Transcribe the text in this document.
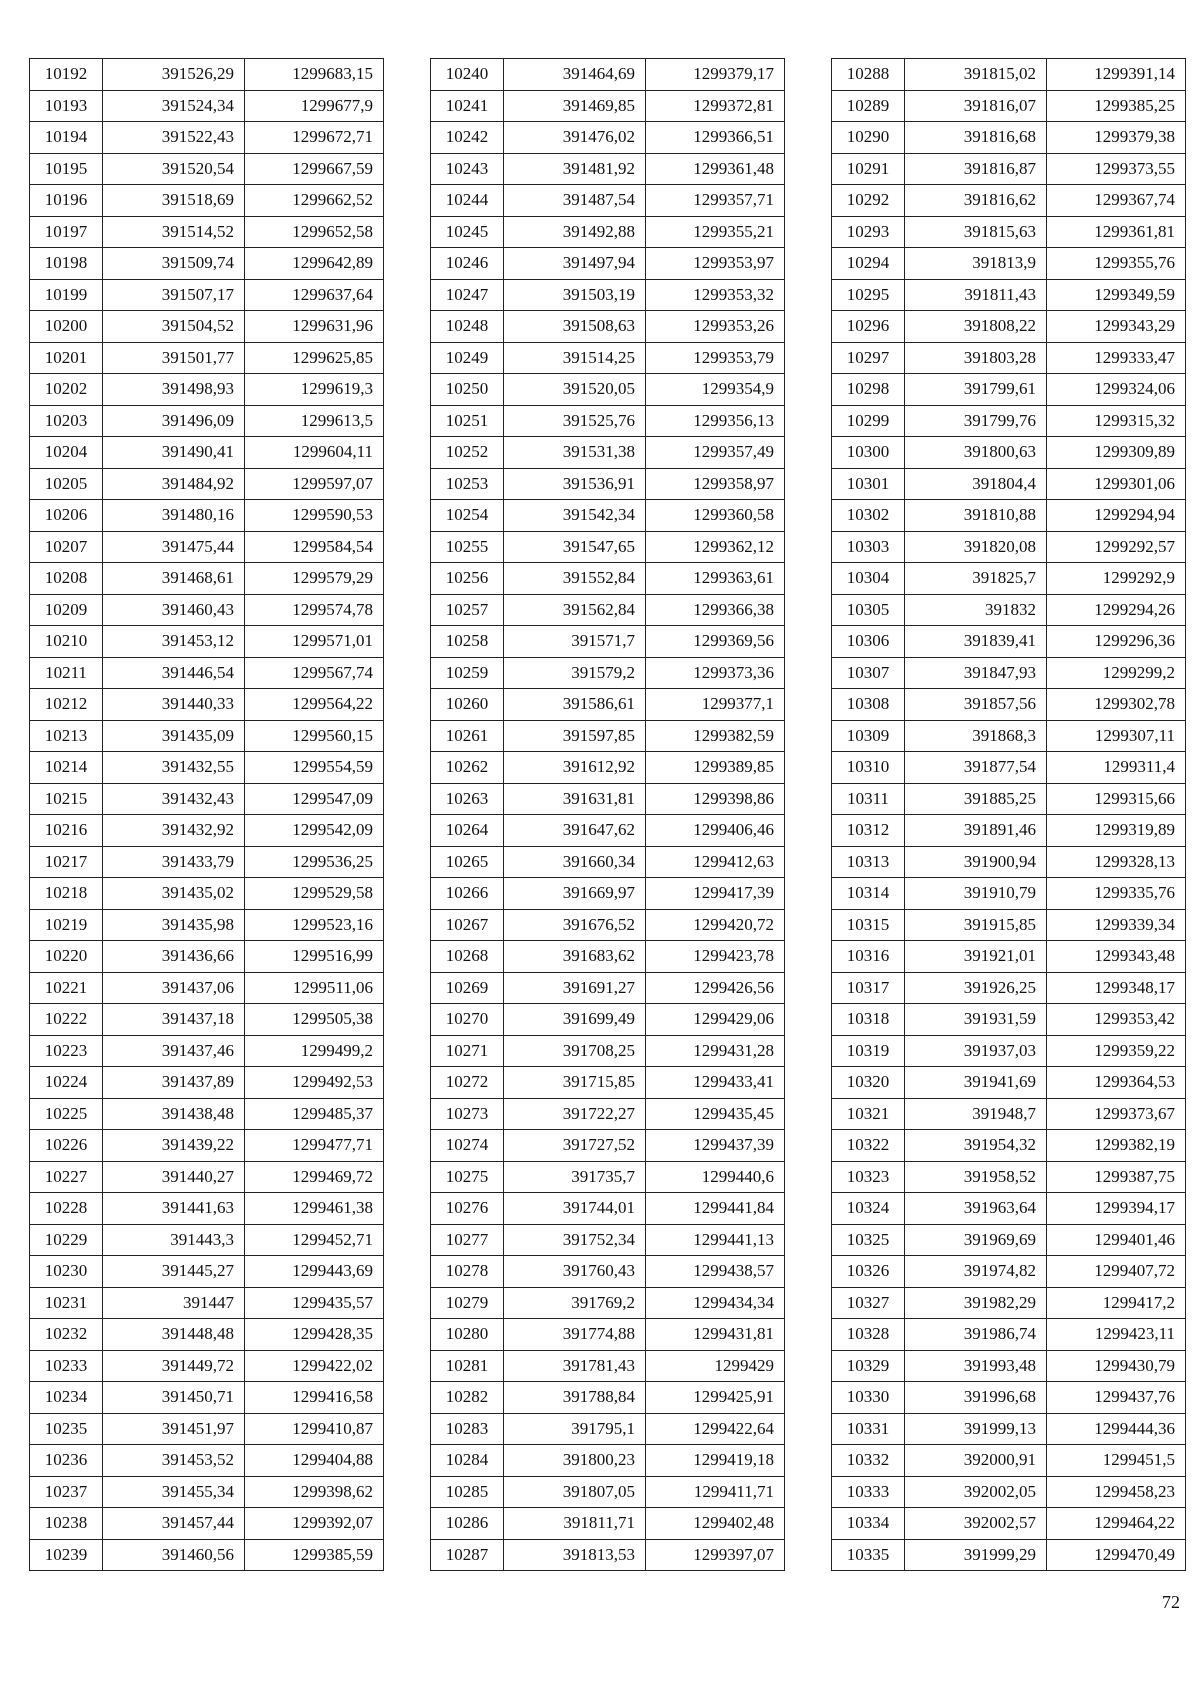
10192	391526,29	1299683,15
10193	391524,34	1299677,9
10194	391522,43	1299672,71
10195	391520,54	1299667,59
10196	391518,69	1299662,52
10197	391514,52	1299652,58
10198	391509,74	1299642,89
10199	391507,17	1299637,64
10200	391504,52	1299631,96
10201	391501,77	1299625,85
10202	391498,93	1299619,3
10203	391496,09	1299613,5
10204	391490,41	1299604,11
10205	391484,92	1299597,07
10206	391480,16	1299590,53
10207	391475,44	1299584,54
10208	391468,61	1299579,29
10209	391460,43	1299574,78
10210	391453,12	1299571,01
10211	391446,54	1299567,74
10212	391440,33	1299564,22
10213	391435,09	1299560,15
10214	391432,55	1299554,59
10215	391432,43	1299547,09
10216	391432,92	1299542,09
10217	391433,79	1299536,25
10218	391435,02	1299529,58
10219	391435,98	1299523,16
10220	391436,66	1299516,99
10221	391437,06	1299511,06
10222	391437,18	1299505,38
10223	391437,46	1299499,2
10224	391437,89	1299492,53
10225	391438,48	1299485,37
10226	391439,22	1299477,71
10227	391440,27	1299469,72
10228	391441,63	1299461,38
10229	391443,3	1299452,71
10230	391445,27	1299443,69
10231	391447	1299435,57
10232	391448,48	1299428,35
10233	391449,72	1299422,02
10234	391450,71	1299416,58
10235	391451,97	1299410,87
10236	391453,52	1299404,88
10237	391455,34	1299398,62
10238	391457,44	1299392,07
10239	391460,56	1299385,59
10240	391464,69	1299379,17
10241	391469,85	1299372,81
10242	391476,02	1299366,51
10243	391481,92	1299361,48
10244	391487,54	1299357,71
10245	391492,88	1299355,21
10246	391497,94	1299353,97
10247	391503,19	1299353,32
10248	391508,63	1299353,26
10249	391514,25	1299353,79
10250	391520,05	1299354,9
10251	391525,76	1299356,13
10252	391531,38	1299357,49
10253	391536,91	1299358,97
10254	391542,34	1299360,58
10255	391547,65	1299362,12
10256	391552,84	1299363,61
10257	391562,84	1299366,38
10258	391571,7	1299369,56
10259	391579,2	1299373,36
10260	391586,61	1299377,1
10261	391597,85	1299382,59
10262	391612,92	1299389,85
10263	391631,81	1299398,86
10264	391647,62	1299406,46
10265	391660,34	1299412,63
10266	391669,97	1299417,39
10267	391676,52	1299420,72
10268	391683,62	1299423,78
10269	391691,27	1299426,56
10270	391699,49	1299429,06
10271	391708,25	1299431,28
10272	391715,85	1299433,41
10273	391722,27	1299435,45
10274	391727,52	1299437,39
10275	391735,7	1299440,6
10276	391744,01	1299441,84
10277	391752,34	1299441,13
10278	391760,43	1299438,57
10279	391769,2	1299434,34
10280	391774,88	1299431,81
10281	391781,43	1299429
10282	391788,84	1299425,91
10283	391795,1	1299422,64
10284	391800,23	1299419,18
10285	391807,05	1299411,71
10286	391811,71	1299402,48
10287	391813,53	1299397,07
10288	391815,02	1299391,14
10289	391816,07	1299385,25
10290	391816,68	1299379,38
10291	391816,87	1299373,55
10292	391816,62	1299367,74
10293	391815,63	1299361,81
10294	391813,9	1299355,76
10295	391811,43	1299349,59
10296	391808,22	1299343,29
10297	391803,28	1299333,47
10298	391799,61	1299324,06
10299	391799,76	1299315,32
10300	391800,63	1299309,89
10301	391804,4	1299301,06
10302	391810,88	1299294,94
10303	391820,08	1299292,57
10304	391825,7	1299292,9
10305	391832	1299294,26
10306	391839,41	1299296,36
10307	391847,93	1299299,2
10308	391857,56	1299302,78
10309	391868,3	1299307,11
10310	391877,54	1299311,4
10311	391885,25	1299315,66
10312	391891,46	1299319,89
10313	391900,94	1299328,13
10314	391910,79	1299335,76
10315	391915,85	1299339,34
10316	391921,01	1299343,48
10317	391926,25	1299348,17
10318	391931,59	1299353,42
10319	391937,03	1299359,22
10320	391941,69	1299364,53
10321	391948,7	1299373,67
10322	391954,32	1299382,19
10323	391958,52	1299387,75
10324	391963,64	1299394,17
10325	391969,69	1299401,46
10326	391974,82	1299407,72
10327	391982,29	1299417,2
10328	391986,74	1299423,11
10329	391993,48	1299430,79
10330	391996,68	1299437,76
10331	391999,13	1299444,36
10332	392000,91	1299451,5
10333	392002,05	1299458,23
10334	392002,57	1299464,22
10335	391999,29	1299470,49
72
